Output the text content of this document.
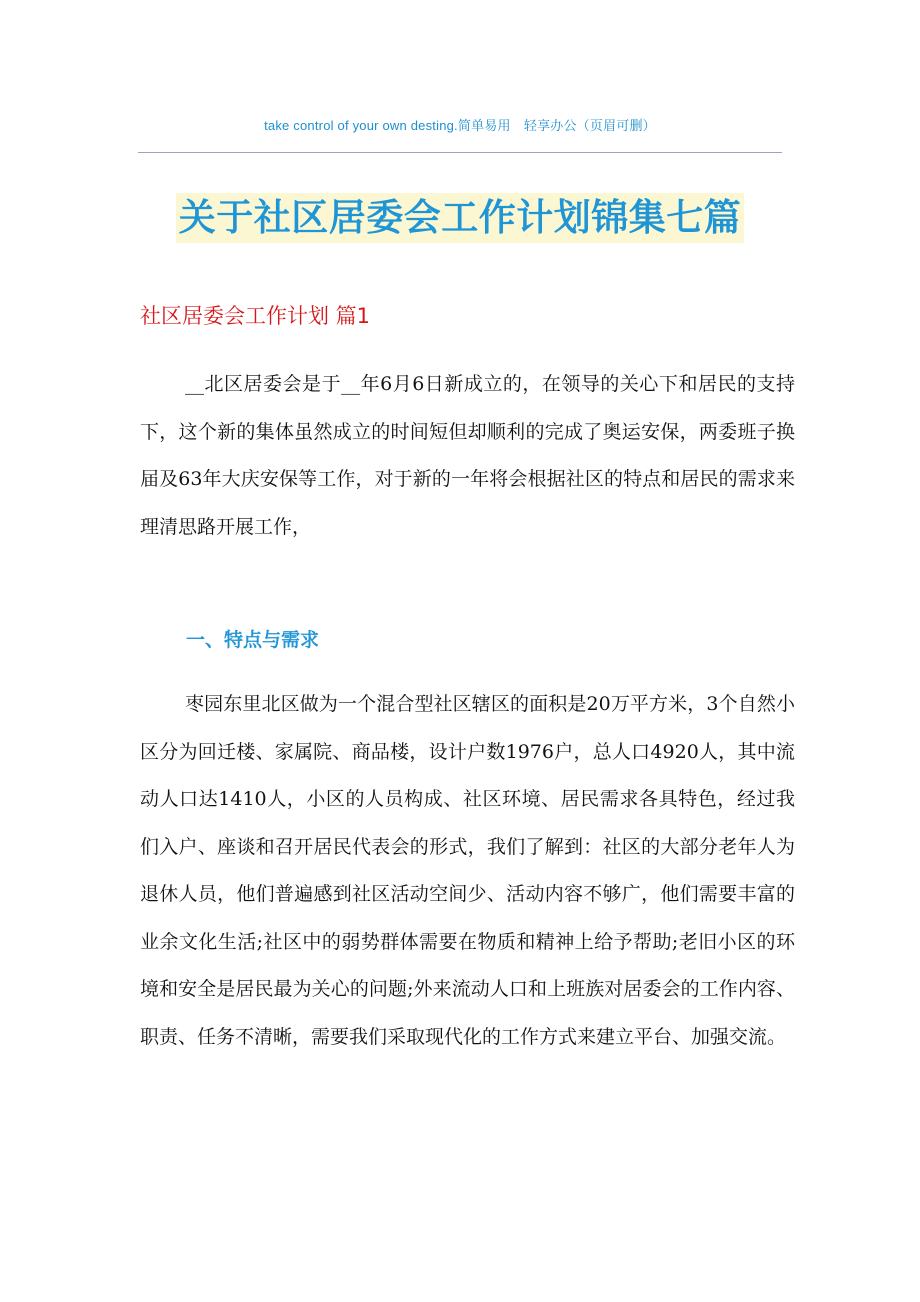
take control of your own desting.简单易用　轻享办公（页眉可删）
关于社区居委会工作计划锦集七篇
社区居委会工作计划 篇1

__北区居委会是于__年6月6日新成立的，在领导的关心下和居民的支持下，这个新的集体虽然成立的时间短但却顺利的完成了奥运安保，两委班子换届及63年大庆安保等工作，对于新的一年将会根据社区的特点和居民的需求来理清思路开展工作，

一、特点与需求

枣园东里北区做为一个混合型社区辖区的面积是20万平方米，3个自然小区分为回迁楼、家属院、商品楼，设计户数1976户，总人口4920人，其中流动人口达1410人，小区的人员构成、社区环境、居民需求各具特色，经过我们入户、座谈和召开居民代表会的形式，我们了解到：社区的大部分老年人为退休人员，他们普遍感到社区活动空间少、活动内容不够广，他们需要丰富的业余文化生活;社区中的弱势群体需要在物质和精神上给予帮助;老旧小区的环境和安全是居民最为关心的问题;外来流动人口和上班族对居委会的工作内容、职责、任务不清晰，需要我们采取现代化的工作方式来建立平台、加强交流。
